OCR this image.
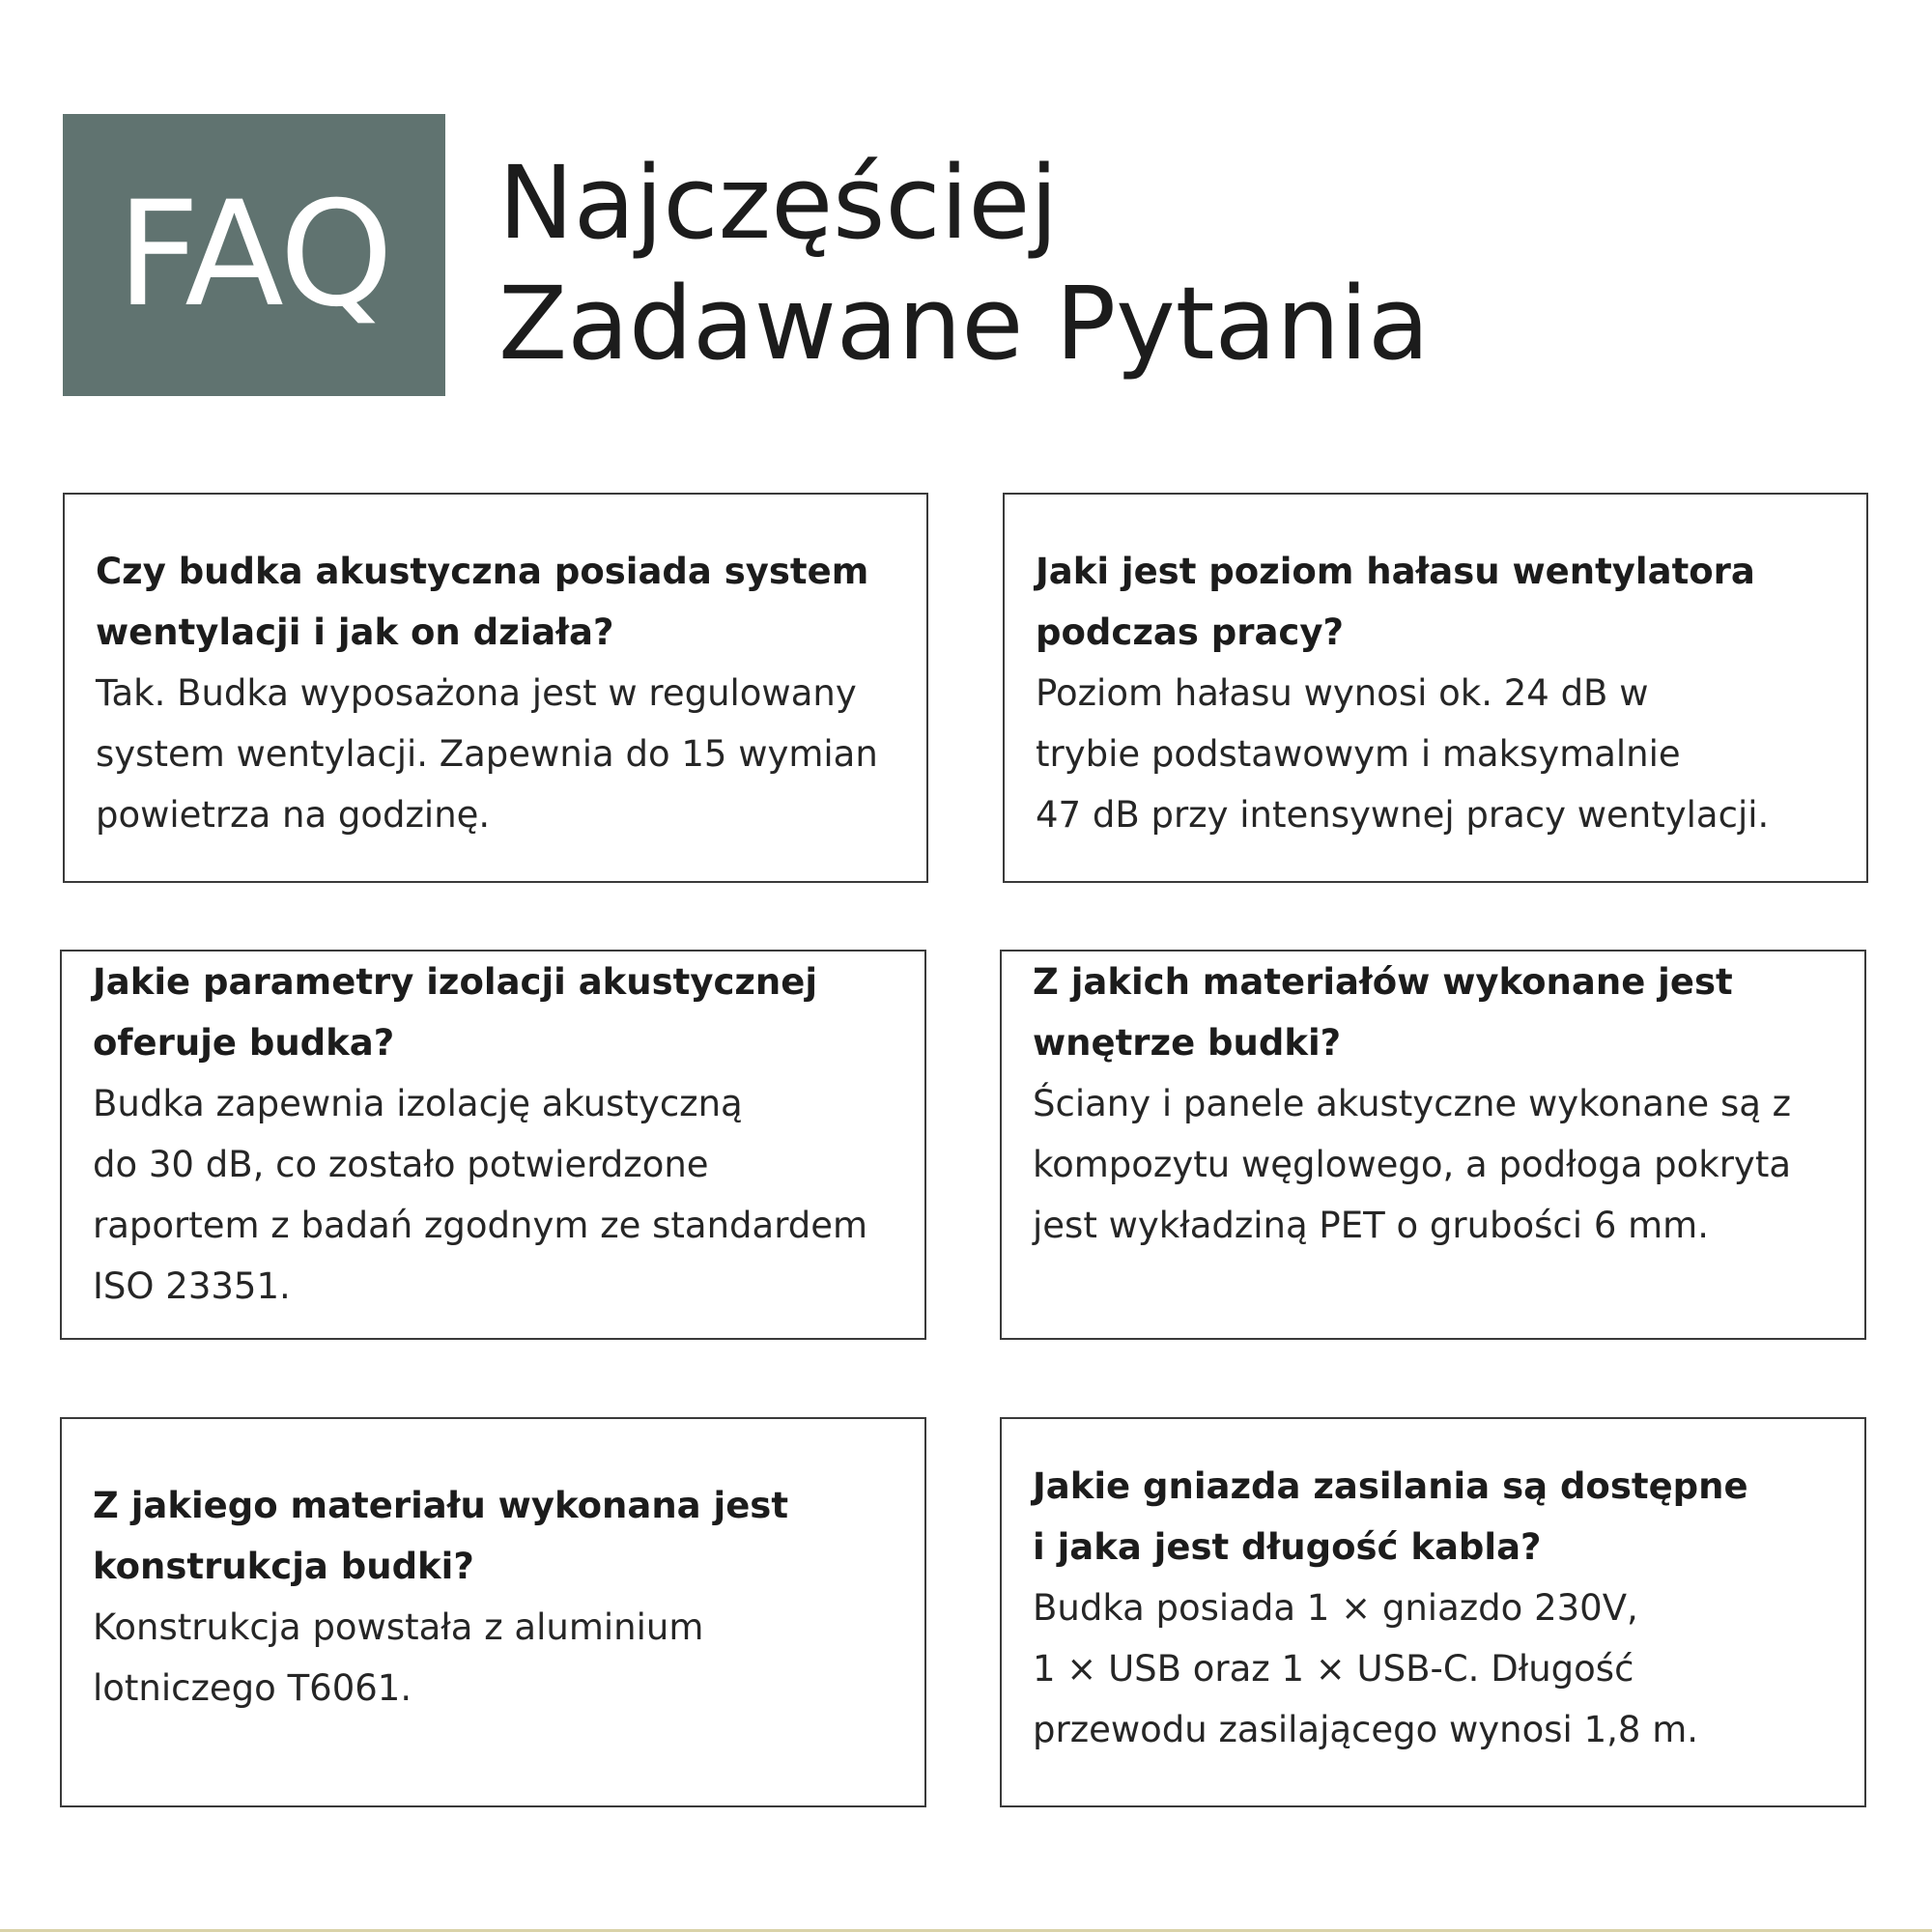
FAQ Najczęściej
Zadawane Pytania
Czy budka akustyczna posiada system
wentylacji i jak on działa?
Tak. Budka wyposażona jest w regulowany
system wentylacji. Zapewnia do 15 wymian
powietrza na godzinę.
Jaki jest poziom hałasu wentylatora
podczas pracy?
Poziom hałasu wynosi ok. 24 dB w
trybie podstawowym i maksymalnie
47 dB przy intensywnej pracy wentylacji.
Jakie parametry izolacji akustycznej
oferuje budka?
Budka zapewnia izolację akustyczną
do 30 dB, co zostało potwierdzone
raportem z badań zgodnym ze standardem
ISO 23351.
Z jakich materiałów wykonane jest
wnętrze budki?
Ściany i panele akustyczne wykonane są z
kompozytu węglowego, a podłoga pokryta
jest wykładziną PET o grubości 6 mm.
Z jakiego materiału wykonana jest
konstrukcja budki?
Konstrukcja powstała z aluminium
lotniczego T6061.
Jakie gniazda zasilania są dostępne
i jaka jest długość kabla?
Budka posiada 1 × gniazdo 230V,
1 × USB oraz 1 × USB-C. Długość
przewodu zasilającego wynosi 1,8 m.
